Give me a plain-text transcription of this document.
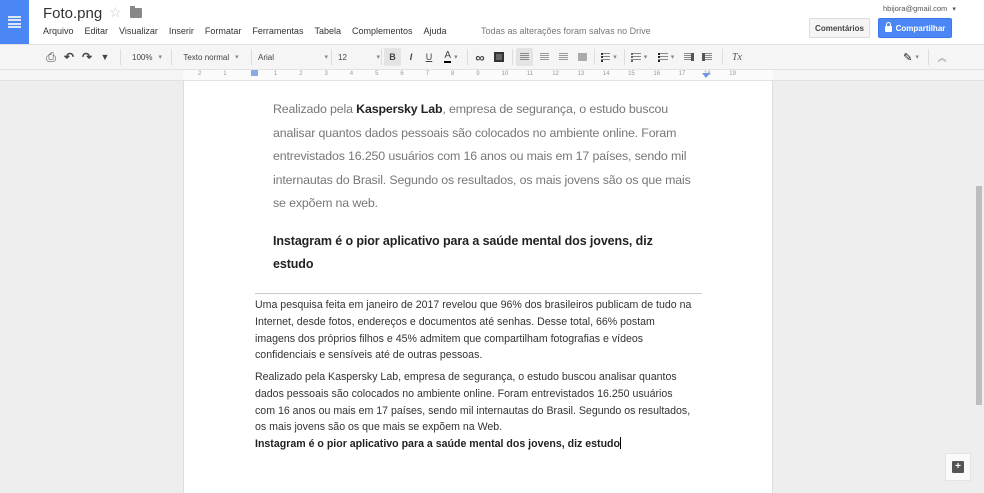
Foto.png ☆
Arquivo Editar Visualizar Inserir Formatar Ferramentas Tabela Complementos Ajuda	Todas as alterações foram salvas no Drive
hbijora@gmail.com ▾
Comentários	Compartilhar
⎙ ↶ ↷ ▼	100% ▾	Texto normal ▾ Arial	▾ 12	▾	B	I	U	A ▾ ∞	▾	▾	▾	Tx	✎ ▾ ︽
2	1	1	2	3	4	5	6	7	8	9	10	11	12	13	14	15	16	17	18	19
Realizado pela Kaspersky Lab, empresa de segurança, o estudo buscou analisar quantos dados pessoais são colocados no ambiente online. Foram entrevistados 16.250 usuários com 16 anos ou mais em 17 países, sendo mil internautas do Brasil. Segundo os resultados, os mais jovens são os que mais se expõem na web.
Instagram é o pior aplicativo para a saúde mental dos jovens, diz estudo
Uma pesquisa feita em janeiro de 2017 revelou que 96% dos brasileiros publicam de tudo na Internet, desde fotos, endereços e documentos até senhas. Desse total, 66% postam imagens dos próprios filhos e 45% admitem que compartilham fotografias e vídeos confidenciais e sensíveis até de outras pessoas.
Realizado pela Kaspersky Lab, empresa de segurança, o estudo buscou analisar quantos dados pessoais são colocados no ambiente online. Foram entrevistados 16.250 usuários com 16 anos ou mais em 17 países, sendo mil internautas do Brasil. Segundo os resultados, os mais jovens são os que mais se expõem na Web.
Instagram é o pior aplicativo para a saúde mental dos jovens, diz estudo
+
